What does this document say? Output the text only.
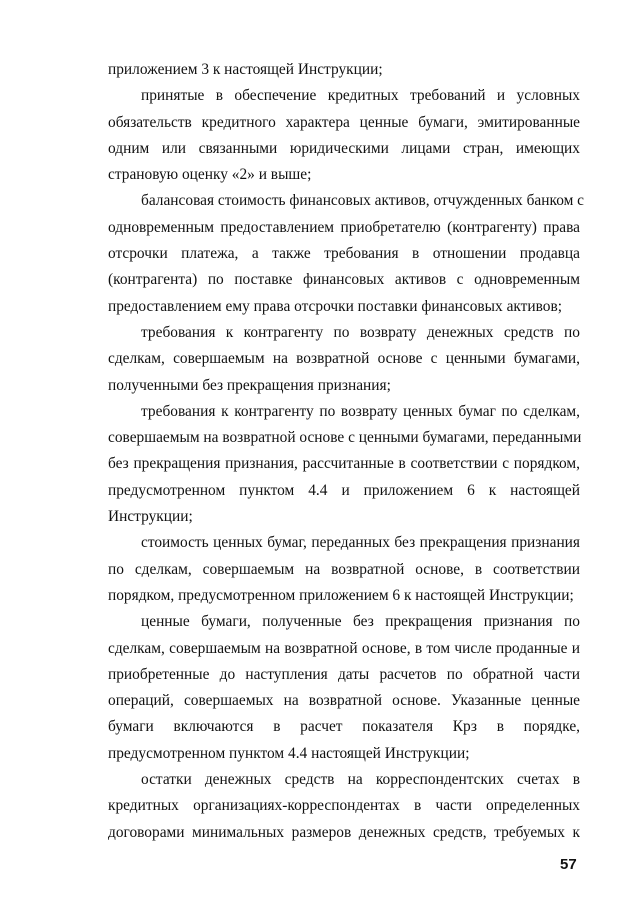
приложением 3 к настоящей Инструкции;
принятые в обеспечение кредитных требований и условных
обязательств кредитного характера ценные бумаги, эмитированные
одним или связанными юридическими лицами стран, имеющих
страновую оценку «2» и выше;
балансовая стоимость финансовых активов, отчужденных банком с
одновременным предоставлением приобретателю (контрагенту) права
отсрочки платежа, а также требования в отношении продавца
(контрагента) по поставке финансовых активов с одновременным
предоставлением ему права отсрочки поставки финансовых активов;
требования к контрагенту по возврату денежных средств по
сделкам, совершаемым на возвратной основе с ценными бумагами,
полученными без прекращения признания;
требования к контрагенту по возврату ценных бумаг по сделкам,
совершаемым на возвратной основе с ценными бумагами, переданными
без прекращения признания, рассчитанные в соответствии с порядком,
предусмотренном пунктом 4.4 и приложением 6 к настоящей
Инструкции;
стоимость ценных бумаг, переданных без прекращения признания
по сделкам, совершаемым на возвратной основе, в соответствии
порядком, предусмотренном приложением 6 к настоящей Инструкции;
ценные бумаги, полученные без прекращения признания по
сделкам, совершаемым на возвратной основе, в том числе проданные и
приобретенные до наступления даты расчетов по обратной части
операций, совершаемых на возвратной основе. Указанные ценные
бумаги включаются в расчет показателя Крз в порядке,
предусмотренном пунктом 4.4 настоящей Инструкции;
остатки денежных средств на корреспондентских счетах в
кредитных организациях-корреспондентах в части определенных
договорами минимальных размеров денежных средств, требуемых к
57
